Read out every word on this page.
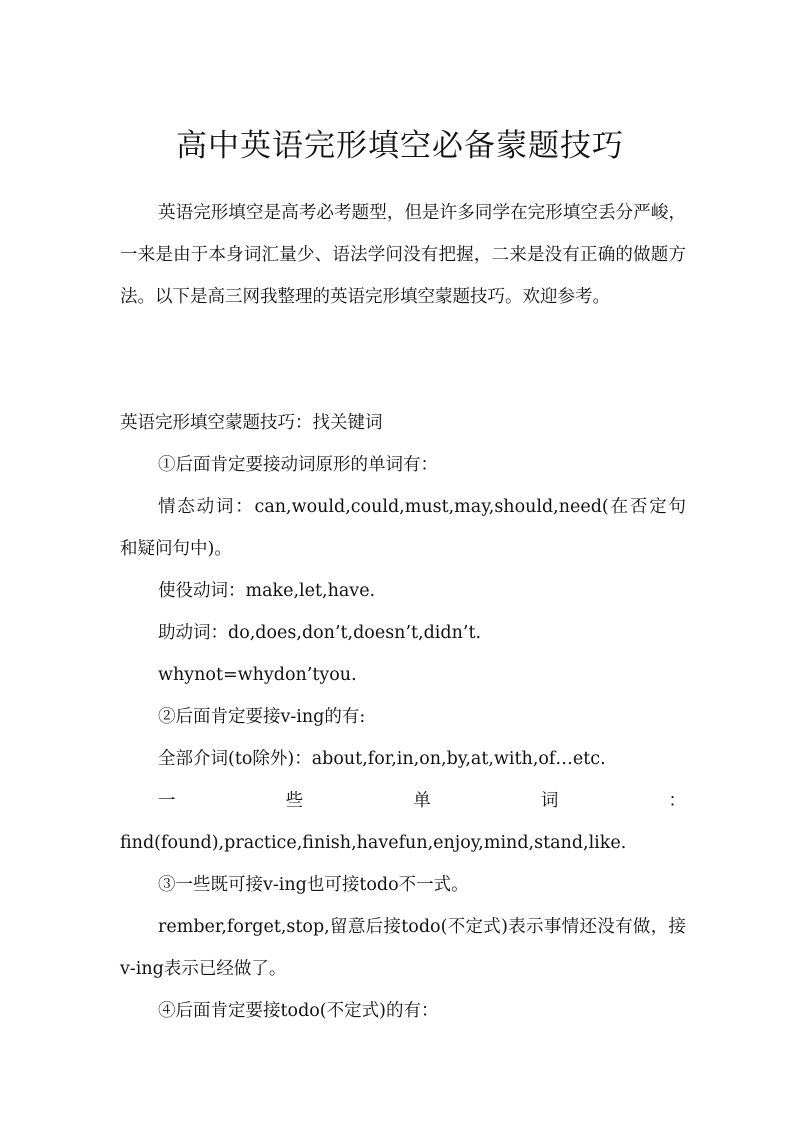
高中英语完形填空必备蒙题技巧

英语完形填空是高考必考题型，但是许多同学在完形填空丢分严峻，一来是由于本身词汇量少、语法学问没有把握，二来是没有正确的做题方法。以下是高三网我整理的英语完形填空蒙题技巧。欢迎参考。

英语完形填空蒙题技巧：找关键词

①后面肯定要接动词原形的单词有：

情态动词：can,would,could,must,may,should,need(在否定句和疑问句中)。

使役动词：make,let,have.

助动词：do,does,don’t,doesn’t,didn’t.

whynot=whydon’tyou.

②后面肯定要接v-ing的有:

全部介词(to除外)：about,for,in,on,by,at,with,of…etc.

一	些	单	词	：

find(found),practice,finish,havefun,enjoy,mind,stand,like.

③一些既可接v-ing也可接todo不一式。

rember,forget,stop,留意后接todo(不定式)表示事情还没有做，接v-ing表示已经做了。

④后面肯定要接todo(不定式)的有：
